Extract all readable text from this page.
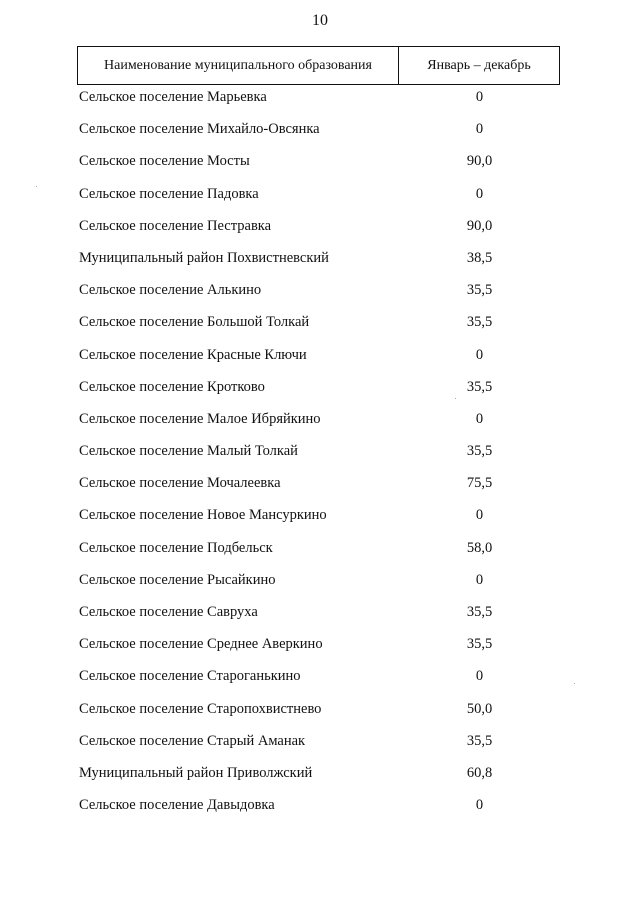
10
Наименование муниципального образования	Январь – декабрь
Сельское поселение Марьевка	0
Сельское поселение Михайло-Овсянка	0
Сельское поселение Мосты	90,0
Сельское поселение Падовка	0
Сельское поселение Пестравка	90,0
Муниципальный район Похвистневский	38,5
Сельское поселение Алькино	35,5
Сельское поселение Большой Толкай	35,5
Сельское поселение Красные Ключи	0
Сельское поселение Кротково	35,5
Сельское поселение Малое Ибряйкино	0
Сельское поселение Малый Толкай	35,5
Сельское поселение Мочалеевка	75,5
Сельское поселение Новое Мансуркино	0
Сельское поселение Подбельск	58,0
Сельское поселение Рысайкино	0
Сельское поселение Савруха	35,5
Сельское поселение Среднее Аверкино	35,5
Сельское поселение Староганькино	0
Сельское поселение Старопохвистнево	50,0
Сельское поселение Старый Аманак	35,5
Муниципальный район Приволжский	60,8
Сельское поселение Давыдовка	0
